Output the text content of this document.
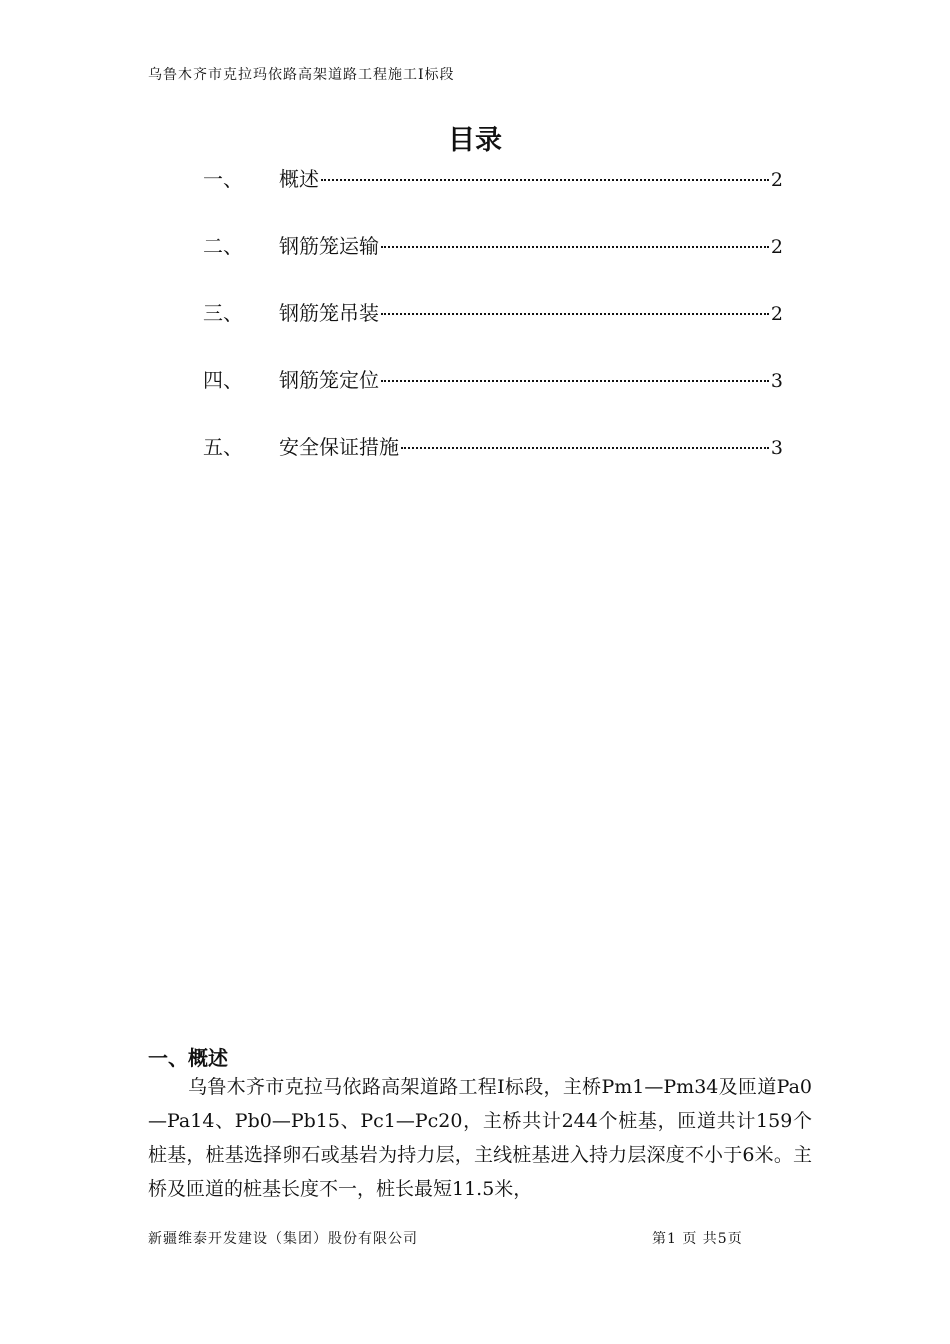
乌鲁木齐市克拉玛依路高架道路工程施工Ⅰ标段
目录
一、	概述	2
二、	钢筋笼运输	2
三、	钢筋笼吊装	2
四、	钢筋笼定位	3
五、	安全保证措施	3
一、概述

乌鲁木齐市克拉马依路高架道路工程Ⅰ标段，主桥Pm1—Pm34及匝道Pa0—Pa14、Pb0—Pb15、Pc1—Pc20，主桥共计244个桩基，匝道共计159个桩基，桩基选择卵石或基岩为持力层，主线桩基进入持力层深度不小于6米。主桥及匝道的桩基长度不一，桩长最短11.5米，

新疆维泰开发建设（集团）股份有限公司	第1 页 共5页
